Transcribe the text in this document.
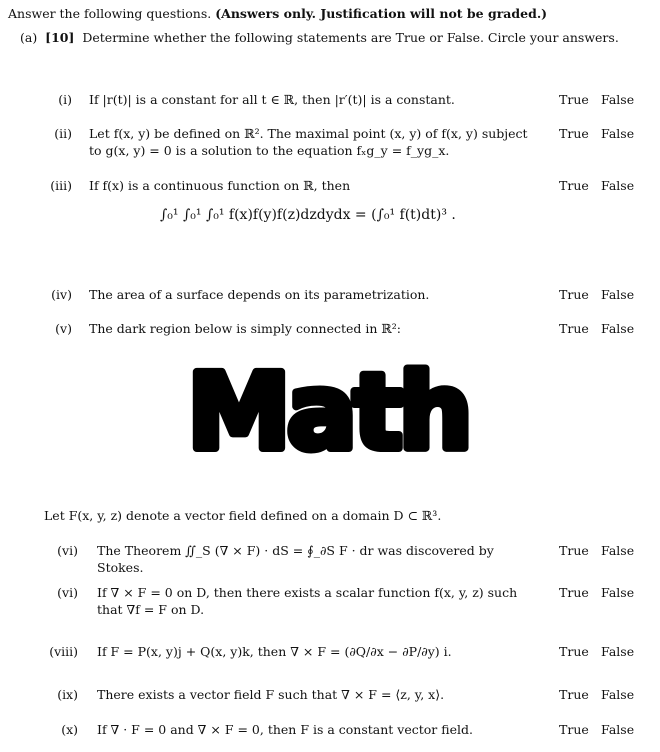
Answer the following questions. (Answers only. Justification will not be graded.)
(a) [10] Determine whether the following statements are True or False. Circle your answers.
(i) If |r(t)| is a constant for all t ∈ ℝ, then |r′(t)| is a constant.	True False
(ii) Let f(x, y) be defined on ℝ². The maximal point (x, y) of f(x, y) subject to g(x, y) = 0 is a solution to the equation fₓg_y = f_yg_x.
True False
(iii) If f(x) is a continuous function on ℝ, then	True False
∫₀¹ ∫₀¹ ∫₀¹ f(x)f(y)f(z)dzdydx = (∫₀¹ f(t)dt)³ .
(iv) The area of a surface depends on its parametrization.	True False
(v) The dark region below is simply connected in ℝ²:	True False
Math
Let F(x, y, z) denote a vector field defined on a domain D ⊂ ℝ³.
(vi) The Theorem ∬_S (∇ × F) · dS = ∮_∂S F · dr was discovered by Stokes.
True False
(vi) If ∇ × F = 0 on D, then there exists a scalar function f(x, y, z) such that ∇f = F on D.
True False
(viii) If F = P(x, y)j + Q(x, y)k, then ∇ × F = (∂Q/∂x − ∂P/∂y) i.	True False
(ix) There exists a vector field F such that ∇ × F = ⟨z, y, x⟩.	True False
(x) If ∇ · F = 0 and ∇ × F = 0, then F is a constant vector field.	True False
